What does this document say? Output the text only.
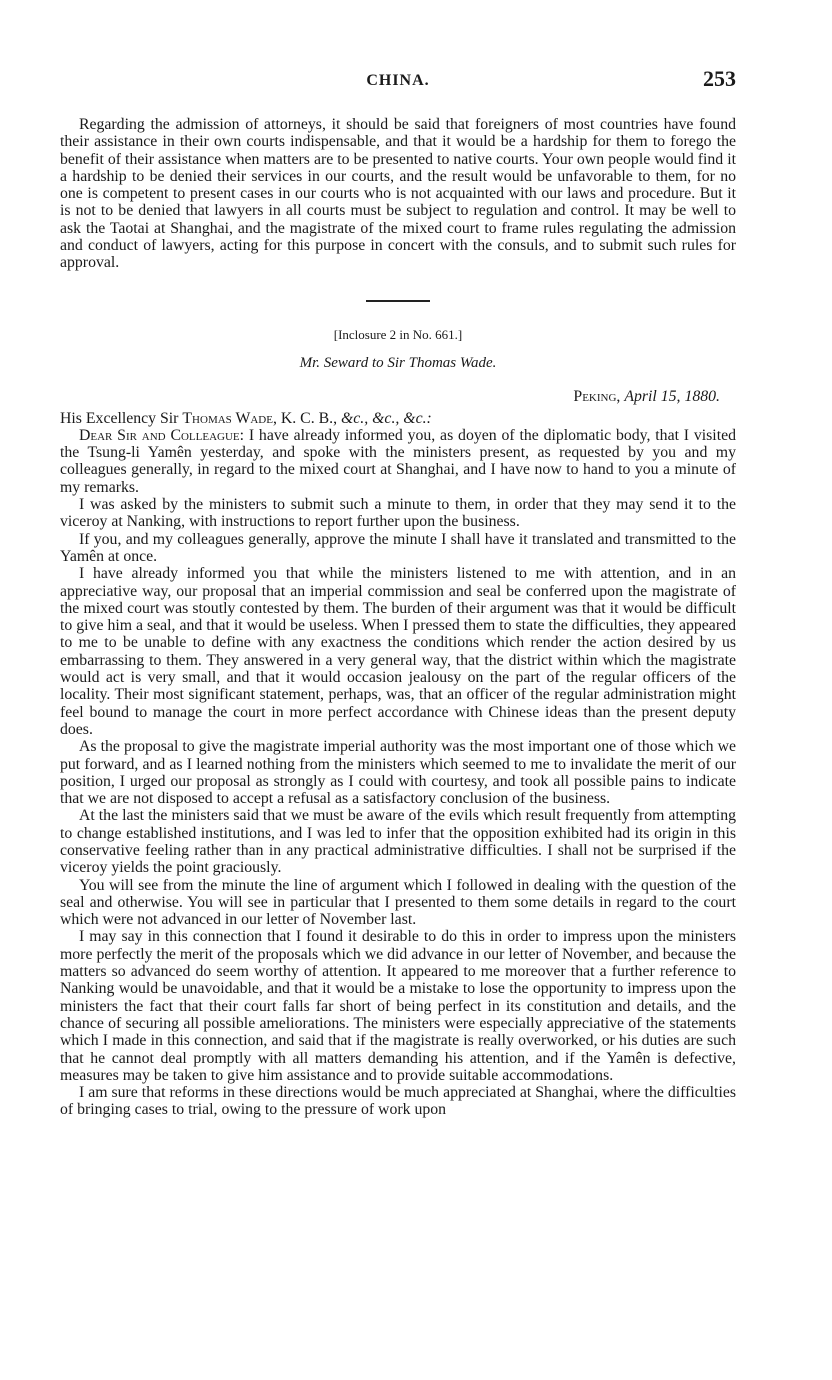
CHINA.	253

Regarding the admission of attorneys, it should be said that foreigners of most countries have found their assistance in their own courts indispensable, and that it would be a hardship for them to forego the benefit of their assistance when matters are to be presented to native courts. Your own people would find it a hardship to be denied their services in our courts, and the result would be unfavorable to them, for no one is competent to present cases in our courts who is not acquainted with our laws and procedure. But it is not to be denied that lawyers in all courts must be subject to regulation and control. It may be well to ask the Taotai at Shanghai, and the magistrate of the mixed court to frame rules regulating the admission and conduct of lawyers, acting for this purpose in concert with the consuls, and to submit such rules for approval.

[Inclosure 2 in No. 661.]
Mr. Seward to Sir Thomas Wade.
Peking, April 15, 1880.

His Excellency Sir Thomas Wade, K. C. B., &c., &c., &c.:

Dear Sir and Colleague: I have already informed you, as doyen of the diplomatic body, that I visited the Tsung-li Yamên yesterday, and spoke with the ministers present, as requested by you and my colleagues generally, in regard to the mixed court at Shanghai, and I have now to hand to you a minute of my remarks.

I was asked by the ministers to submit such a minute to them, in order that they may send it to the viceroy at Nanking, with instructions to report further upon the business.

If you, and my colleagues generally, approve the minute I shall have it translated and transmitted to the Yamên at once.

I have already informed you that while the ministers listened to me with attention, and in an appreciative way, our proposal that an imperial commission and seal be conferred upon the magistrate of the mixed court was stoutly contested by them. The burden of their argument was that it would be difficult to give him a seal, and that it would be useless. When I pressed them to state the difficulties, they appeared to me to be unable to define with any exactness the conditions which render the action desired by us embarrassing to them. They answered in a very general way, that the district within which the magistrate would act is very small, and that it would occasion jealousy on the part of the regular officers of the locality. Their most significant statement, perhaps, was, that an officer of the regular administration might feel bound to manage the court in more perfect accordance with Chinese ideas than the present deputy does.

As the proposal to give the magistrate imperial authority was the most important one of those which we put forward, and as I learned nothing from the ministers which seemed to me to invalidate the merit of our position, I urged our proposal as strongly as I could with courtesy, and took all possible pains to indicate that we are not disposed to accept a refusal as a satisfactory conclusion of the business.

At the last the ministers said that we must be aware of the evils which result frequently from attempting to change established institutions, and I was led to infer that the opposition exhibited had its origin in this conservative feeling rather than in any practical administrative difficulties. I shall not be surprised if the viceroy yields the point graciously.

You will see from the minute the line of argument which I followed in dealing with the question of the seal and otherwise. You will see in particular that I presented to them some details in regard to the court which were not advanced in our letter of November last.

I may say in this connection that I found it desirable to do this in order to impress upon the ministers more perfectly the merit of the proposals which we did advance in our letter of November, and because the matters so advanced do seem worthy of attention. It appeared to me moreover that a further reference to Nanking would be unavoidable, and that it would be a mistake to lose the opportunity to impress upon the ministers the fact that their court falls far short of being perfect in its constitution and details, and the chance of securing all possible ameliorations. The ministers were especially appreciative of the statements which I made in this connection, and said that if the magistrate is really overworked, or his duties are such that he cannot deal promptly with all matters demanding his attention, and if the Yamên is defective, measures may be taken to give him assistance and to provide suitable accommodations.

I am sure that reforms in these directions would be much appreciated at Shanghai, where the difficulties of bringing cases to trial, owing to the pressure of work upon
